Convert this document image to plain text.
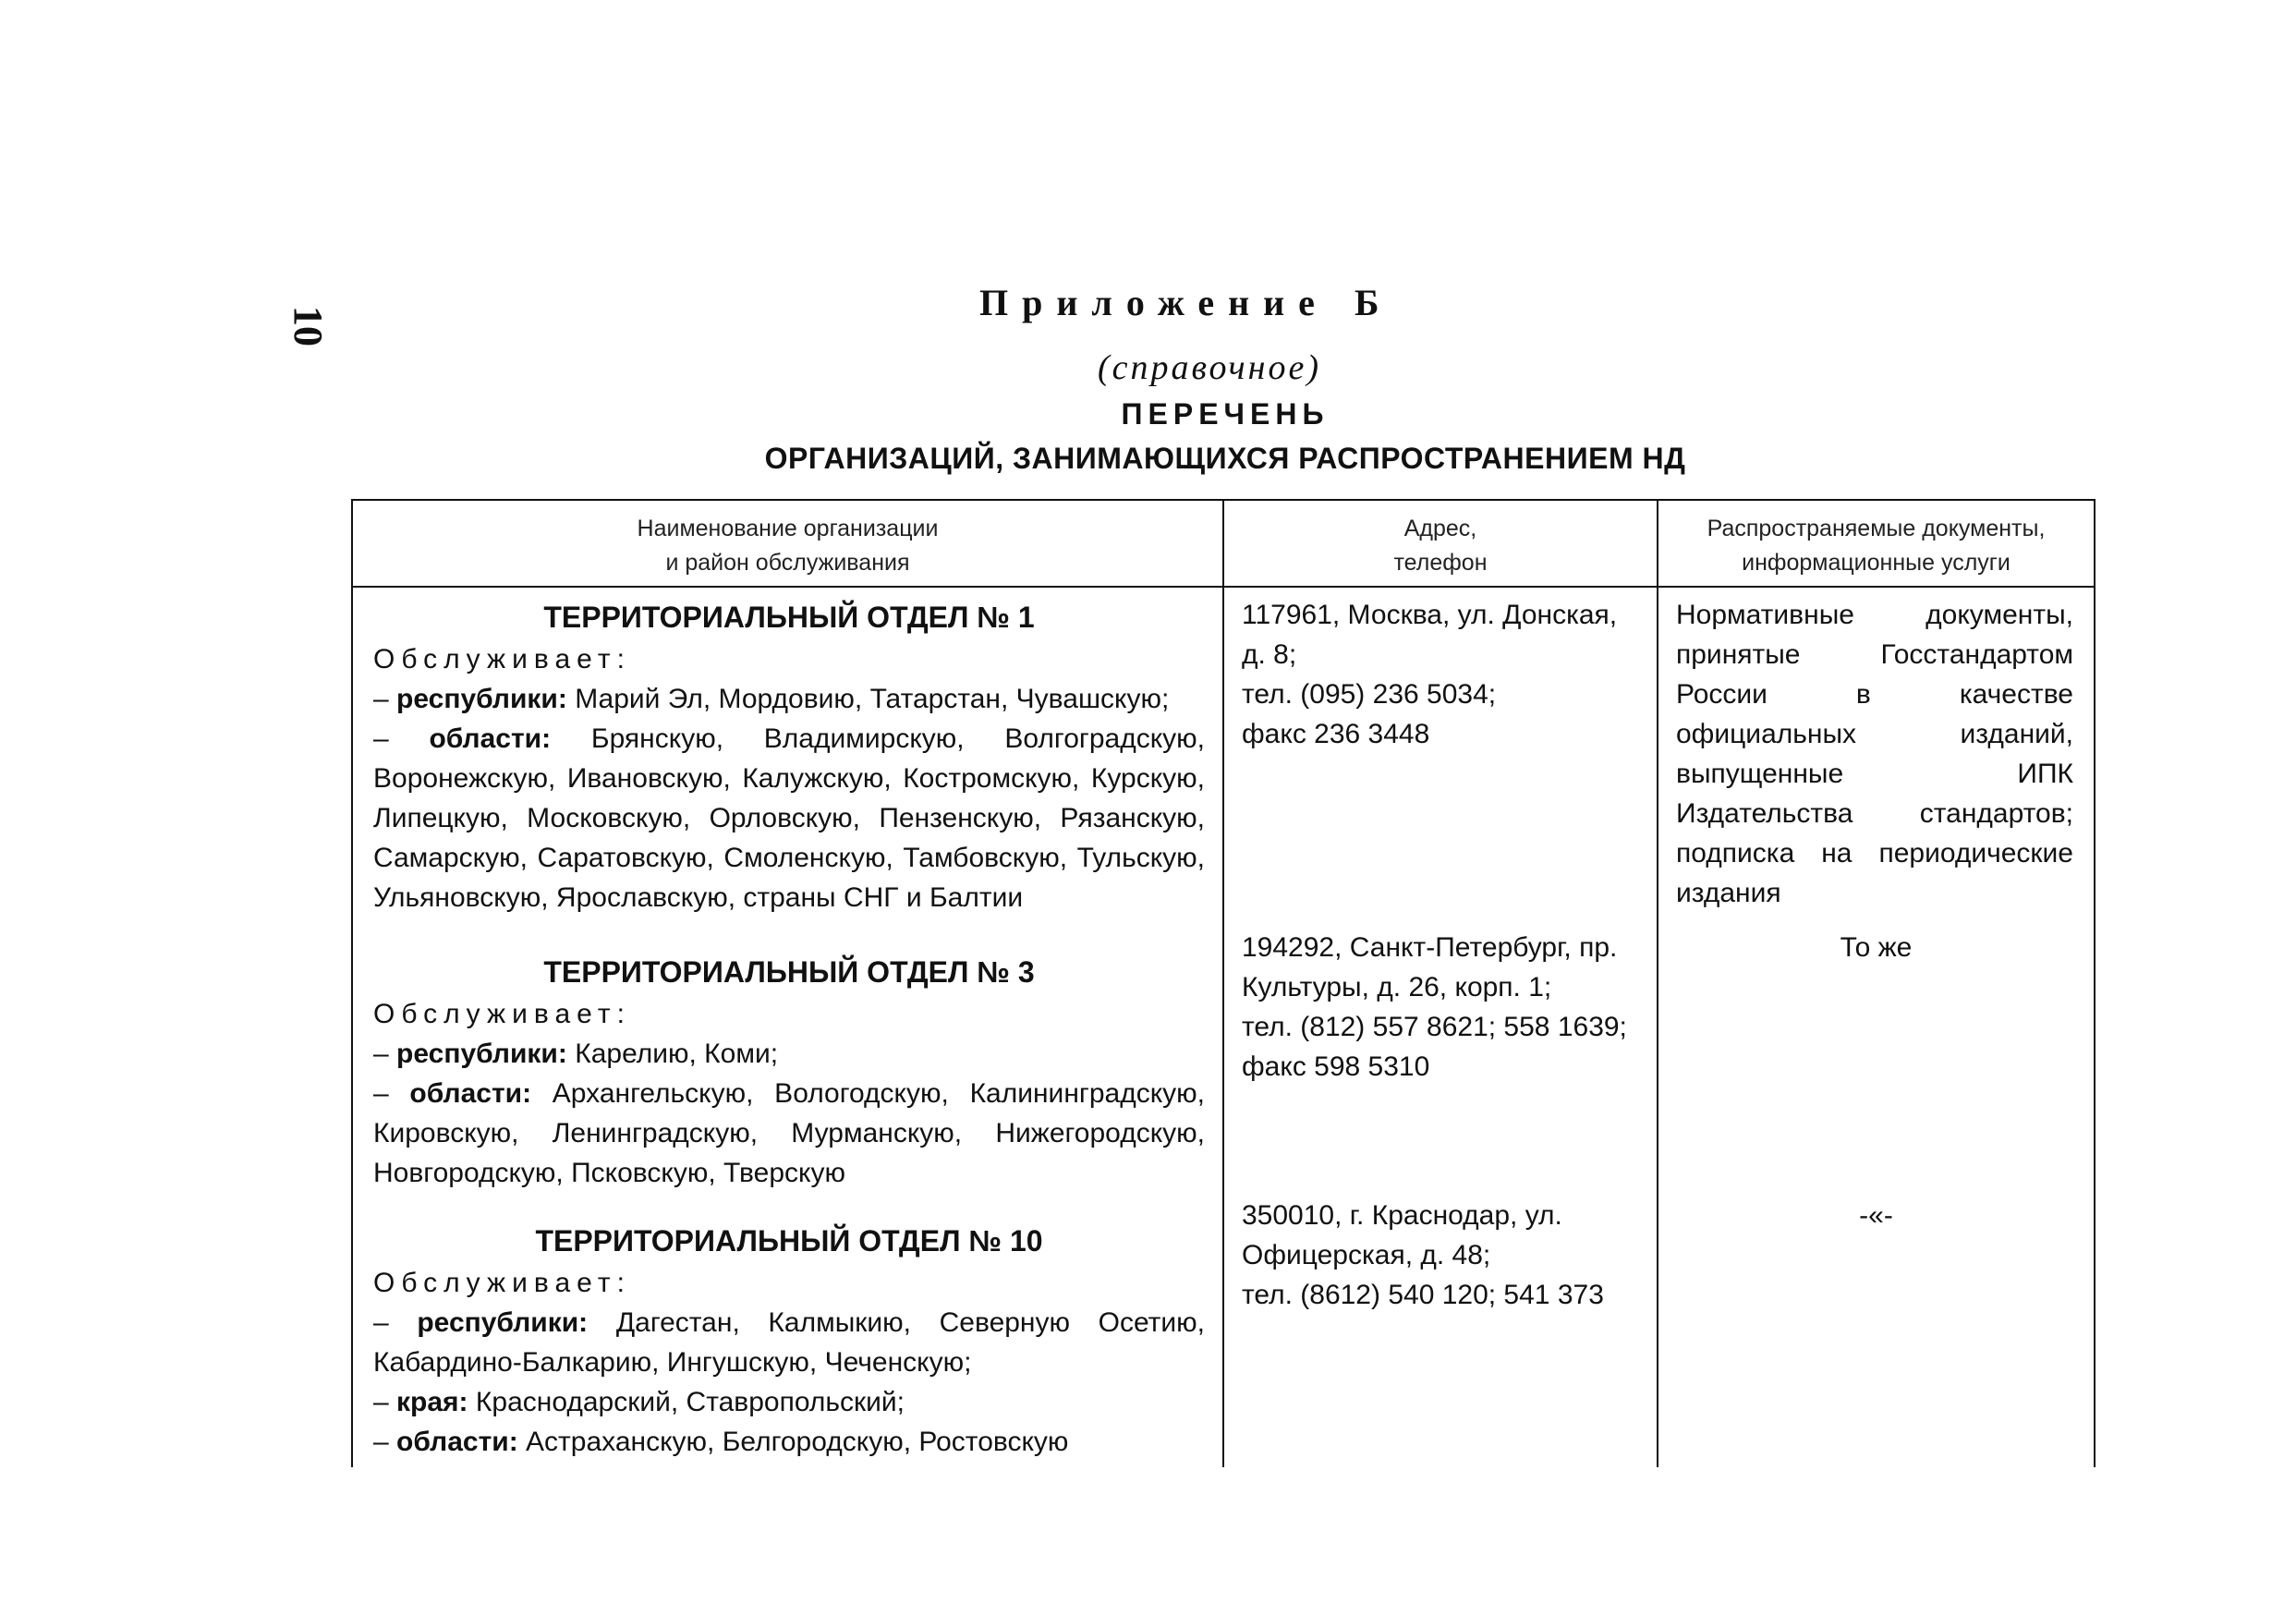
10
Приложение Б
(справочное)
ПЕРЕЧЕНЬ
ОРГАНИЗАЦИЙ, ЗАНИМАЮЩИХСЯ РАСПРОСТРАНЕНИЕМ НД
Наименование организации
и район обслуживания
Адрес,
телефон
Распространяемые документы,
информационные услуги
ТЕРРИТОРИАЛЬНЫЙ ОТДЕЛ № 1
Обслуживает:
– республики: Марий Эл, Мордовию, Татарстан, Чувашскую;
– области: Брянскую, Владимирскую, Волгоградскую, Воронежскую, Ивановскую, Калужскую, Костромскую, Курскую, Липецкую, Московскую, Орловскую, Пензенскую, Рязанскую, Самарскую, Саратовскую, Смоленскую, Тамбовскую, Тульскую, Ульяновскую, Ярославскую, страны СНГ и Балтии
117961, Москва, ул. Донская,
д. 8;
тел. (095) 236 5034;
факс 236 3448
Нормативные документы, принятые Госстандартом России в качестве официальных изданий, выпущенные ИПК Издательства стандартов; подписка на периодические издания
ТЕРРИТОРИАЛЬНЫЙ ОТДЕЛ № 3
Обслуживает:
– республики: Карелию, Коми;
– области: Архангельскую, Вологодскую, Калининградскую, Кировскую, Ленинградскую, Мурманскую, Нижегородскую, Новгородскую, Псковскую, Тверскую
194292, Санкт-Петербург, пр.
Культуры, д. 26, корп. 1;
тел. (812) 557 8621; 558 1639;
факс 598 5310
То же
ТЕРРИТОРИАЛЬНЫЙ ОТДЕЛ № 10
Обслуживает:
– республики: Дагестан, Калмыкию, Северную Осетию, Кабардино-Балкарию, Ингушскую, Чеченскую;
– края: Краснодарский, Ставропольский;
– области: Астраханскую, Белгородскую, Ростовскую
350010, г. Краснодар, ул.
Офицерская, д. 48;
тел. (8612) 540 120; 541 373
-«-
